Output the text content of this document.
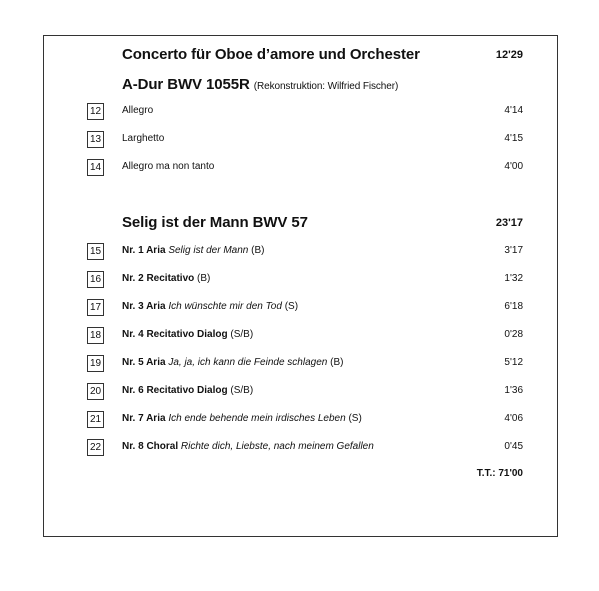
Concerto für Oboe d’amore und Orchester	12'29
A-Dur BWV 1055R (Rekonstruktion: Wilfried Fischer)
12 Allegro	4'14
13 Larghetto	4'15
14 Allegro ma non tanto	4'00
Selig ist der Mann BWV 57	23'17
15 Nr. 1 Aria Selig ist der Mann (B)	3'17
16 Nr. 2 Recitativo (B)	1'32
17 Nr. 3 Aria Ich wünschte mir den Tod (S)	6'18
18 Nr. 4 Recitativo Dialog (S/B)	0'28
19 Nr. 5 Aria Ja, ja, ich kann die Feinde schlagen (B)	5'12
20 Nr. 6 Recitativo Dialog (S/B)	1'36
21 Nr. 7 Aria Ich ende behende mein irdisches Leben (S)	4'06
22 Nr. 8 Choral Richte dich, Liebste, nach meinem Gefallen	0'45
T.T.: 71'00
